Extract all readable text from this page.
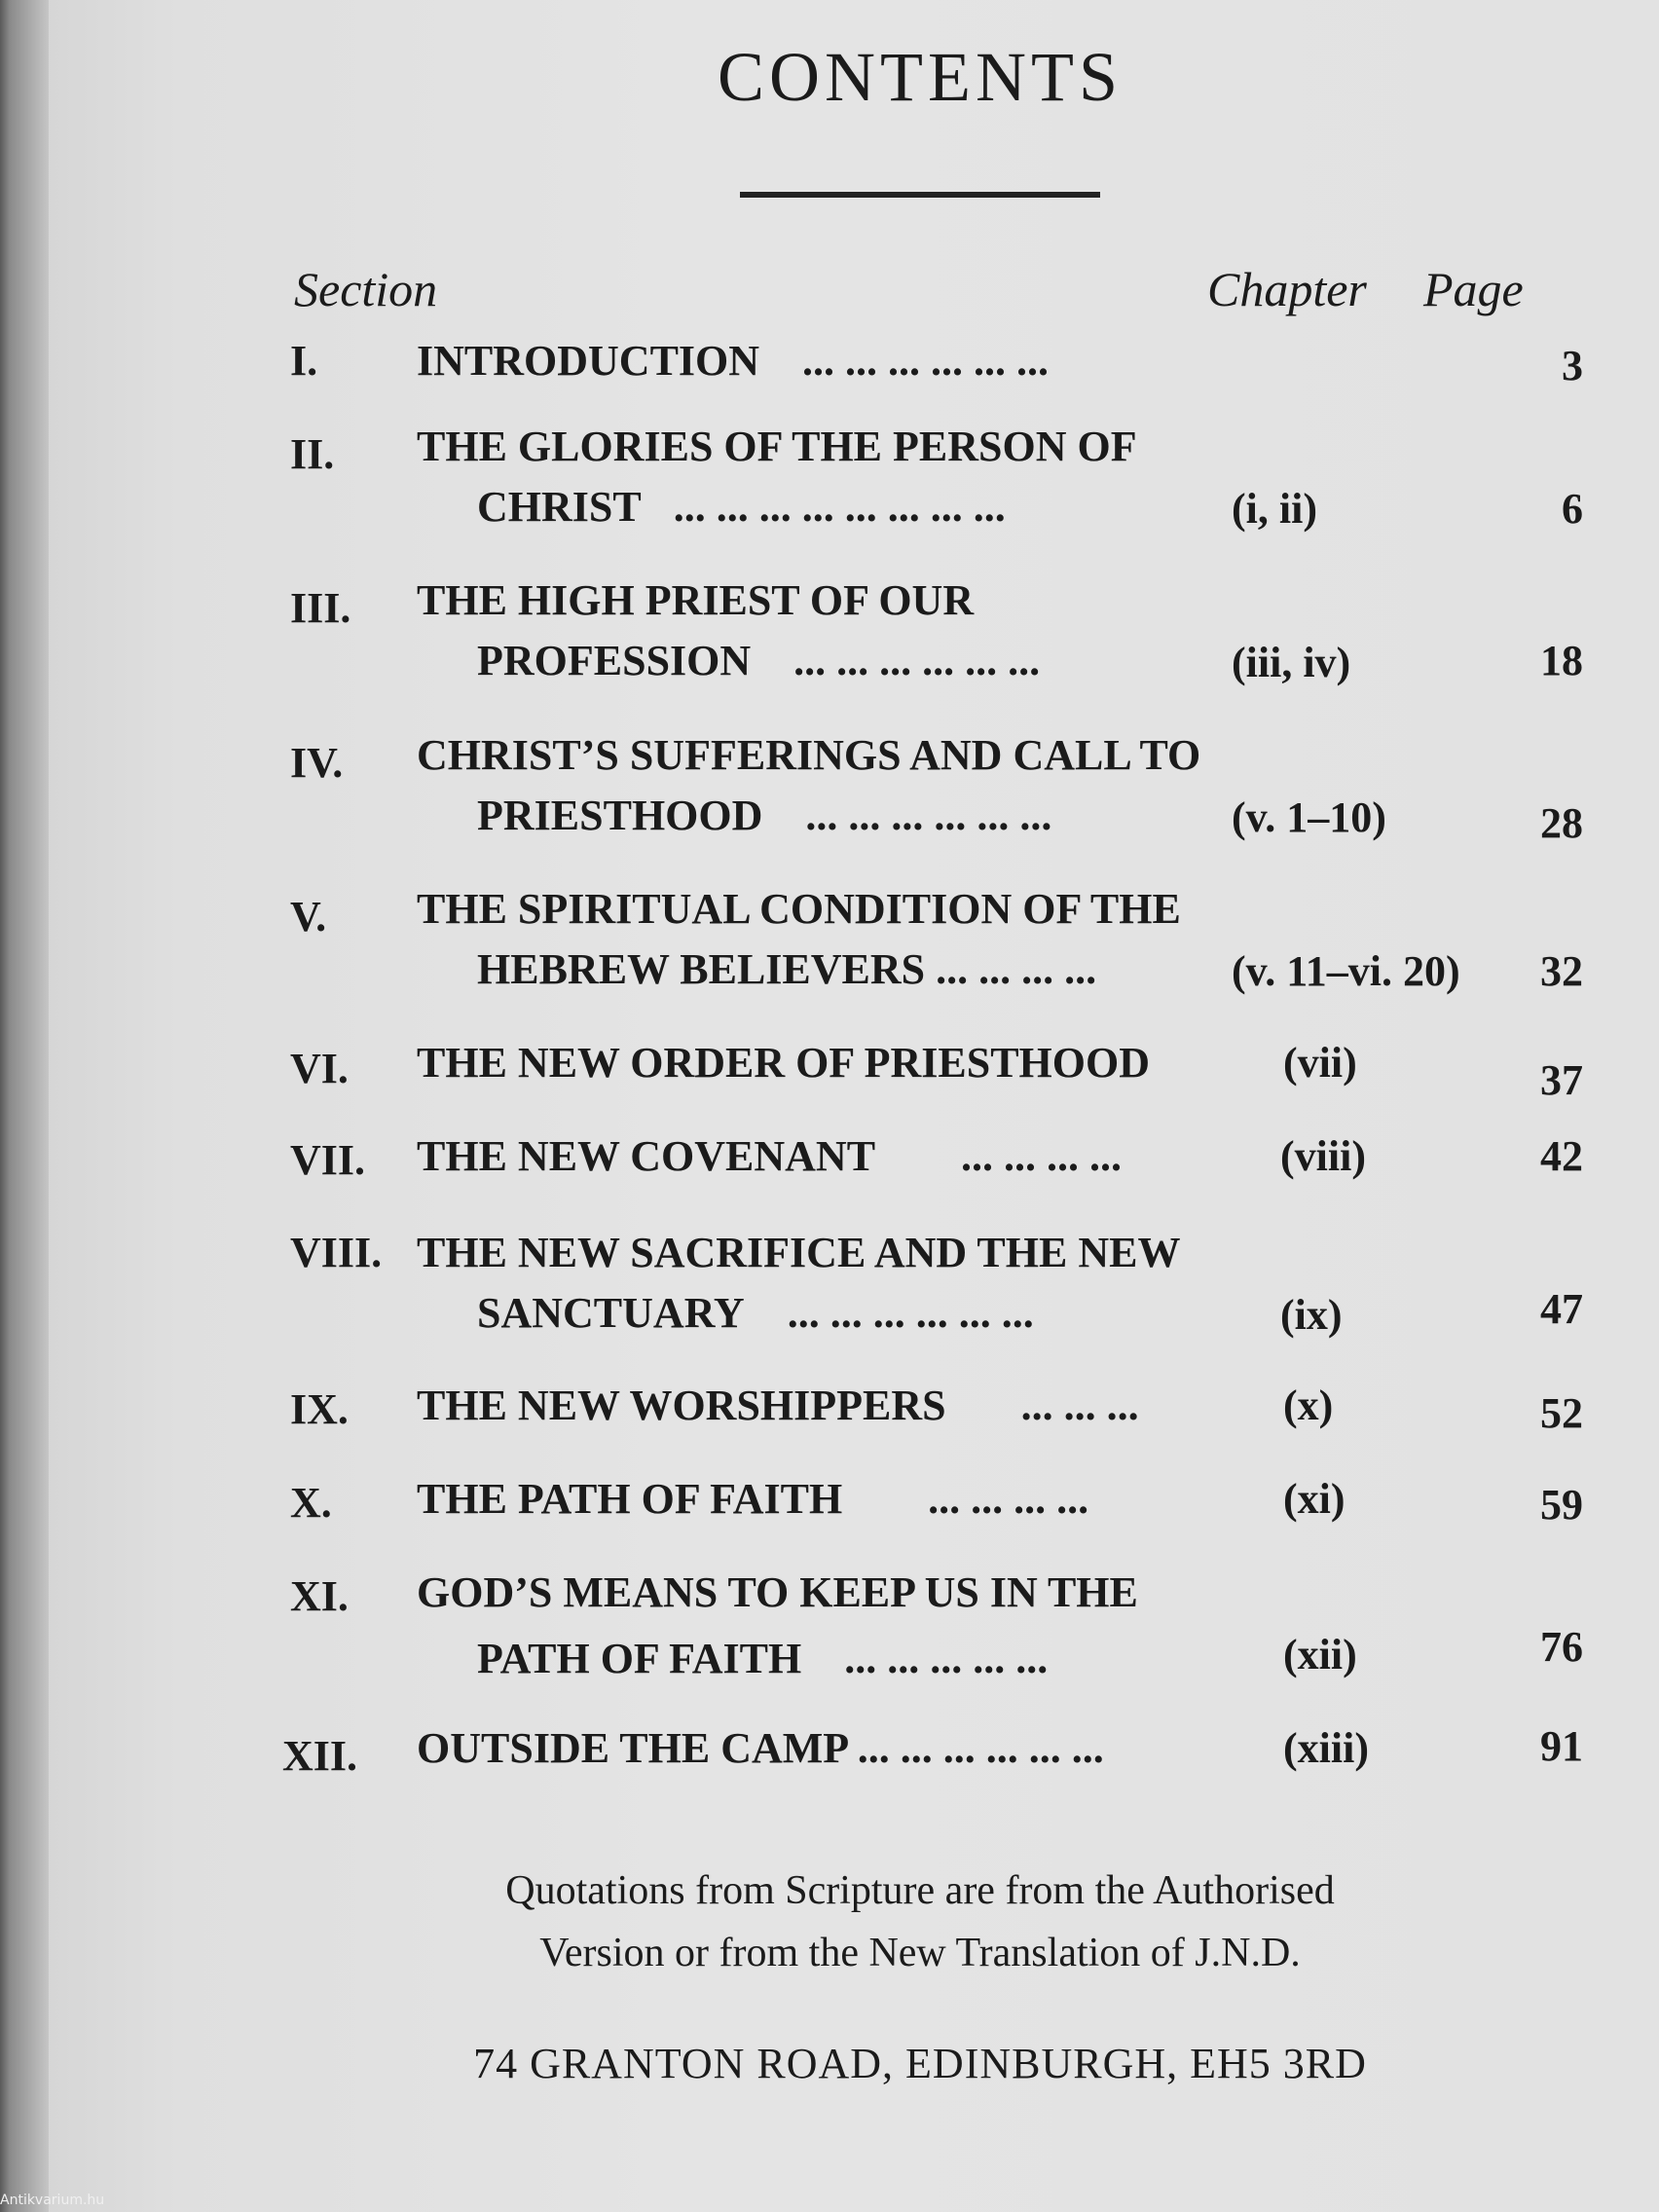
CONTENTS
Section	Chapter Page
I. INTRODUCTION ... ... ... ... ... ...	3
II. THE GLORIES OF THE PERSON OF
CHRIST ... ... ... ... ... ... ... ...	(i, ii)	6
III. THE HIGH PRIEST OF OUR
PROFESSION ... ... ... ... ... ...	(iii, iv)	18
IV. CHRIST’S SUFFERINGS AND CALL TO
PRIESTHOOD ... ... ... ... ... ...	(v. 1–10)	28
V. THE SPIRITUAL CONDITION OF THE
HEBREW BELIEVERS ... ... ... ...	(v. 11–vi. 20) 32
VI. THE NEW ORDER OF PRIESTHOOD	(vii)	37
VII. THE NEW COVENANT ... ... ... ...	(viii)	42
VIII. THE NEW SACRIFICE AND THE NEW
SANCTUARY ... ... ... ... ... ...	(ix)	47
IX. THE NEW WORSHIPPERS ... ... ...	(x)	52
X. THE PATH OF FAITH ... ... ... ...	(xi)	59
XI. GOD’S MEANS TO KEEP US IN THE
PATH OF FAITH ... ... ... ... ...	(xii)	76
XII. OUTSIDE THE CAMP ... ... ... ... ... ...	(xiii)	91
Quotations from Scripture are from the Authorised
Version or from the New Translation of J.N.D.
74 GRANTON ROAD, EDINBURGH, EH5 3RD
Antikvarium.hu
